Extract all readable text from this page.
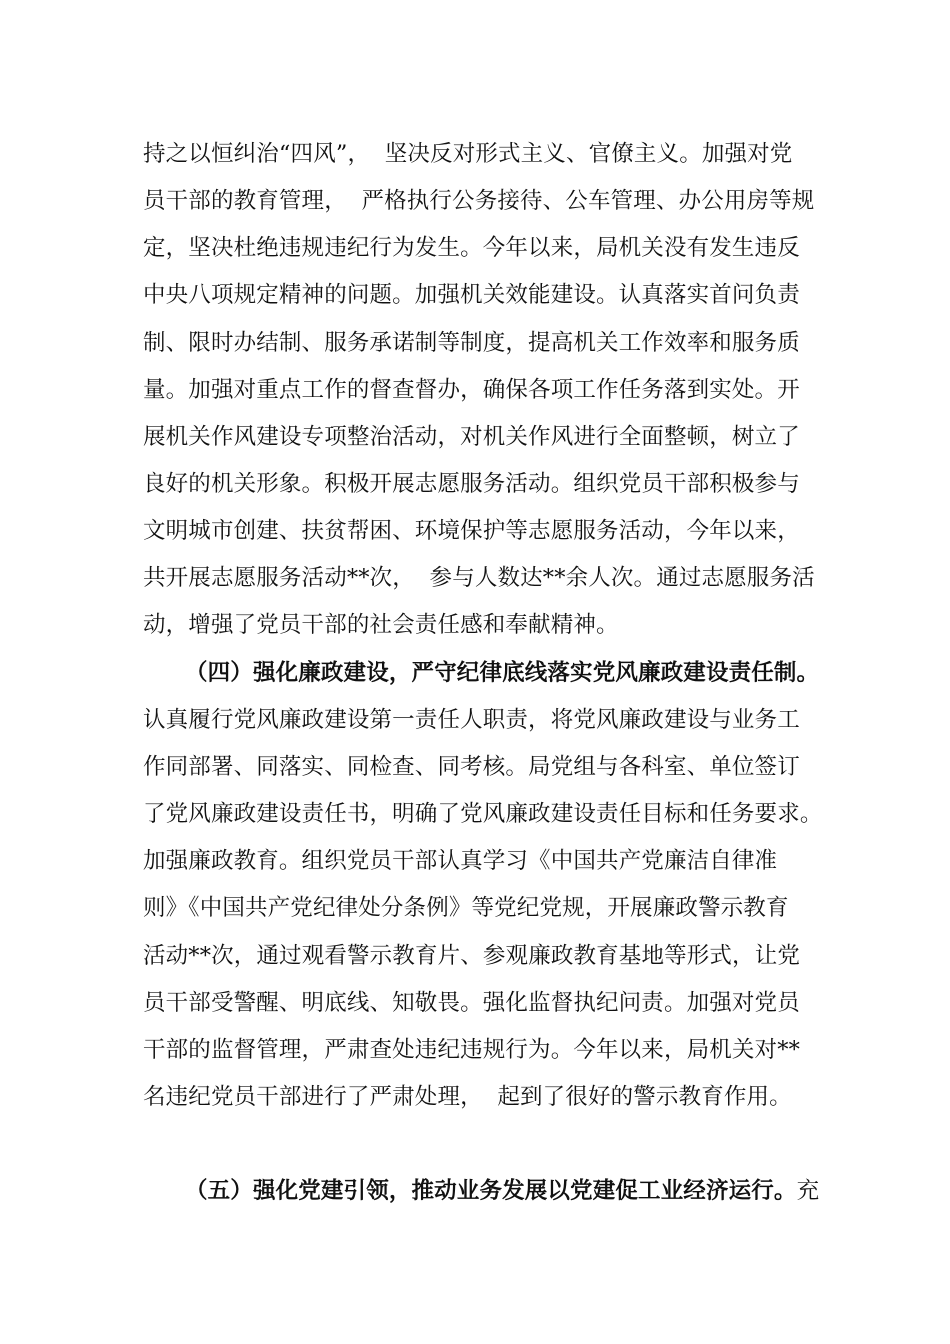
持之以恒纠治“四风”，  坚决反对形式主义、官僚主义。加强对党
员干部的教育管理，  严格执行公务接待、公车管理、办公用房等规
定，坚决杜绝违规违纪行为发生。今年以来，局机关没有发生违反
中央八项规定精神的问题。加强机关效能建设。认真落实首问负责
制、限时办结制、服务承诺制等制度，提高机关工作效率和服务质
量。加强对重点工作的督查督办，确保各项工作任务落到实处。开
展机关作风建设专项整治活动，对机关作风进行全面整顿，树立了
良好的机关形象。积极开展志愿服务活动。组织党员干部积极参与
文明城市创建、扶贫帮困、环境保护等志愿服务活动，今年以来，
共开展志愿服务活动**次，  参与人数达**余人次。通过志愿服务活
动，增强了党员干部的社会责任感和奉献精神。
（四）强化廉政建设，严守纪律底线落实党风廉政建设责任制。
认真履行党风廉政建设第一责任人职责，将党风廉政建设与业务工
作同部署、同落实、同检查、同考核。局党组与各科室、单位签订
了党风廉政建设责任书，明确了党风廉政建设责任目标和任务要求。
加强廉政教育。组织党员干部认真学习《中国共产党廉洁自律准
则》《中国共产党纪律处分条例》等党纪党规，开展廉政警示教育
活动**次，通过观看警示教育片、参观廉政教育基地等形式，让党
员干部受警醒、明底线、知敬畏。强化监督执纪问责。加强对党员
干部的监督管理，严肃查处违纪违规行为。今年以来，局机关对**
名违纪党员干部进行了严肃处理，  起到了很好的警示教育作用。
（五）强化党建引领，推动业务发展以党建促工业经济运行。充
